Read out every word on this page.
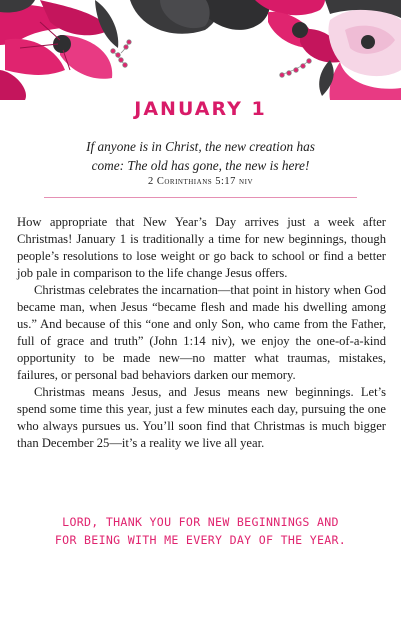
JANUARY 1
If anyone is in Christ, the new creation has
come: The old has gone, the new is here!
2 Corinthians 5:17 niv

How appropriate that New Year’s Day arrives just a week after Christmas! January 1 is traditionally a time for new beginnings, though people’s resolutions to lose weight or go back to school or find a better job pale in comparison to the life change Jesus offers.

Christmas celebrates the incarnation—that point in history when God became man, when Jesus “became flesh and made his dwelling among us.” And because of this “one and only Son, who came from the Father, full of grace and truth” (John 1:14 niv), we enjoy the one-of-a-kind opportunity to be made new—no matter what traumas, mistakes, failures, or personal bad behaviors darken our memory.

Christmas means Jesus, and Jesus means new beginnings. Let’s spend some time this year, just a few minutes each day, pursuing the one who always pursues us. You’ll soon find that Christmas is much bigger than December 25—it’s a reality we live all year.

LORD, THANK YOU FOR NEW BEGINNINGS AND
FOR BEING WITH ME EVERY DAY OF THE YEAR.
